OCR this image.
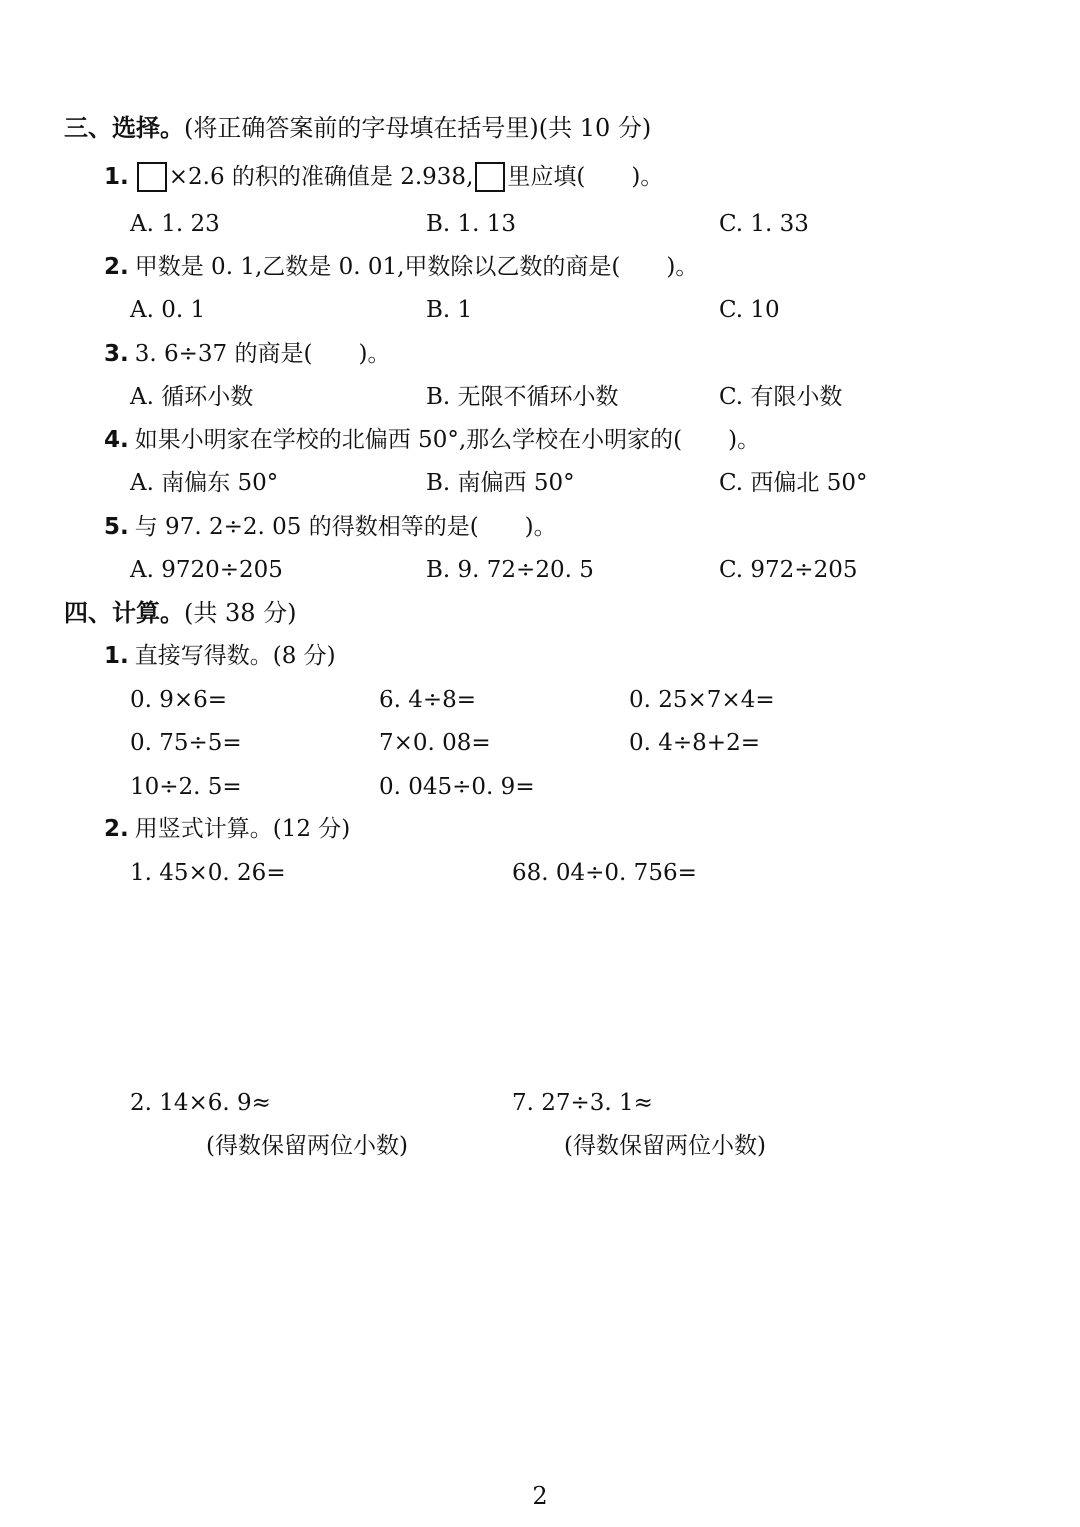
三、选择。(将正确答案前的字母填在括号里)(共 10 分)
1. ×2.6 的积的准确值是 2.938, 里应填( )。
A. 1. 23	B. 1. 13	C. 1. 33
2. 甲数是 0. 1,乙数是 0. 01,甲数除以乙数的商是( )。
A. 0. 1	B. 1	C. 10
3. 3. 6÷37 的商是( )。
A. 循环小数	B. 无限不循环小数	C. 有限小数
4. 如果小明家在学校的北偏西 50°,那么学校在小明家的( )。
A. 南偏东 50°	B. 南偏西 50°	C. 西偏北 50°
5. 与 97. 2÷2. 05 的得数相等的是( )。
A. 9720÷205	B. 9. 72÷20. 5	C. 972÷205
四、计算。(共 38 分)
1. 直接写得数。(8 分)
0. 9×6=	6. 4÷8=	0. 25×7×4=
0. 75÷5=	7×0. 08=	0. 4÷8+2=
10÷2. 5=	0. 045÷0. 9=
2. 用竖式计算。(12 分)
1. 45×0. 26=	68. 04÷0. 756=
2. 14×6. 9≈	7. 27÷3. 1≈
(得数保留两位小数)	(得数保留两位小数)
2
